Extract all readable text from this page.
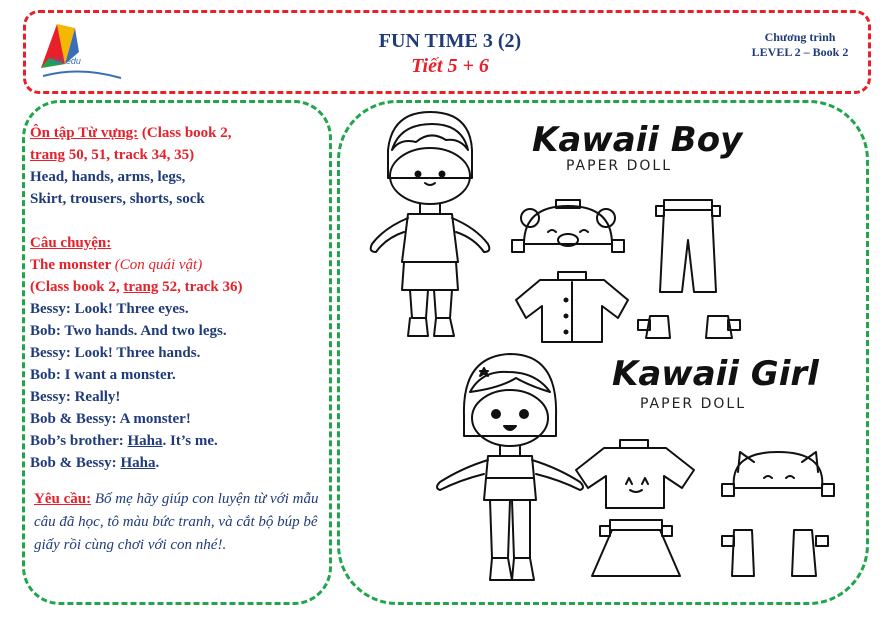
Viet edu
FUN TIME 3 (2)
Tiết 5 + 6
Chương trình
LEVEL 2 – Book 2
Ôn tập Từ vựng: (Class book 2,
trang 50, 51, track 34, 35)
Head, hands, arms, legs,
Skirt, trousers, shorts, sock
Câu chuyện:
The monster (Con quái vật)
(Class book 2, trang 52, track 36)
Bessy: Look! Three eyes.
Bob: Two hands. And two legs.
Bessy: Look! Three hands.
Bob: I want a monster.
Bessy: Really!
Bob & Bessy: A monster!
Bob’s brother: Haha. It’s me.
Bob & Bessy: Haha.
Yêu cầu: Bố mẹ hãy giúp con luyện từ với mẫu câu đã học, tô màu bức tranh, và cắt bộ búp bê giấy rồi cùng chơi với con nhé!.
Kawaii Boy
PAPER DOLL
Kawaii Girl
PAPER DOLL
